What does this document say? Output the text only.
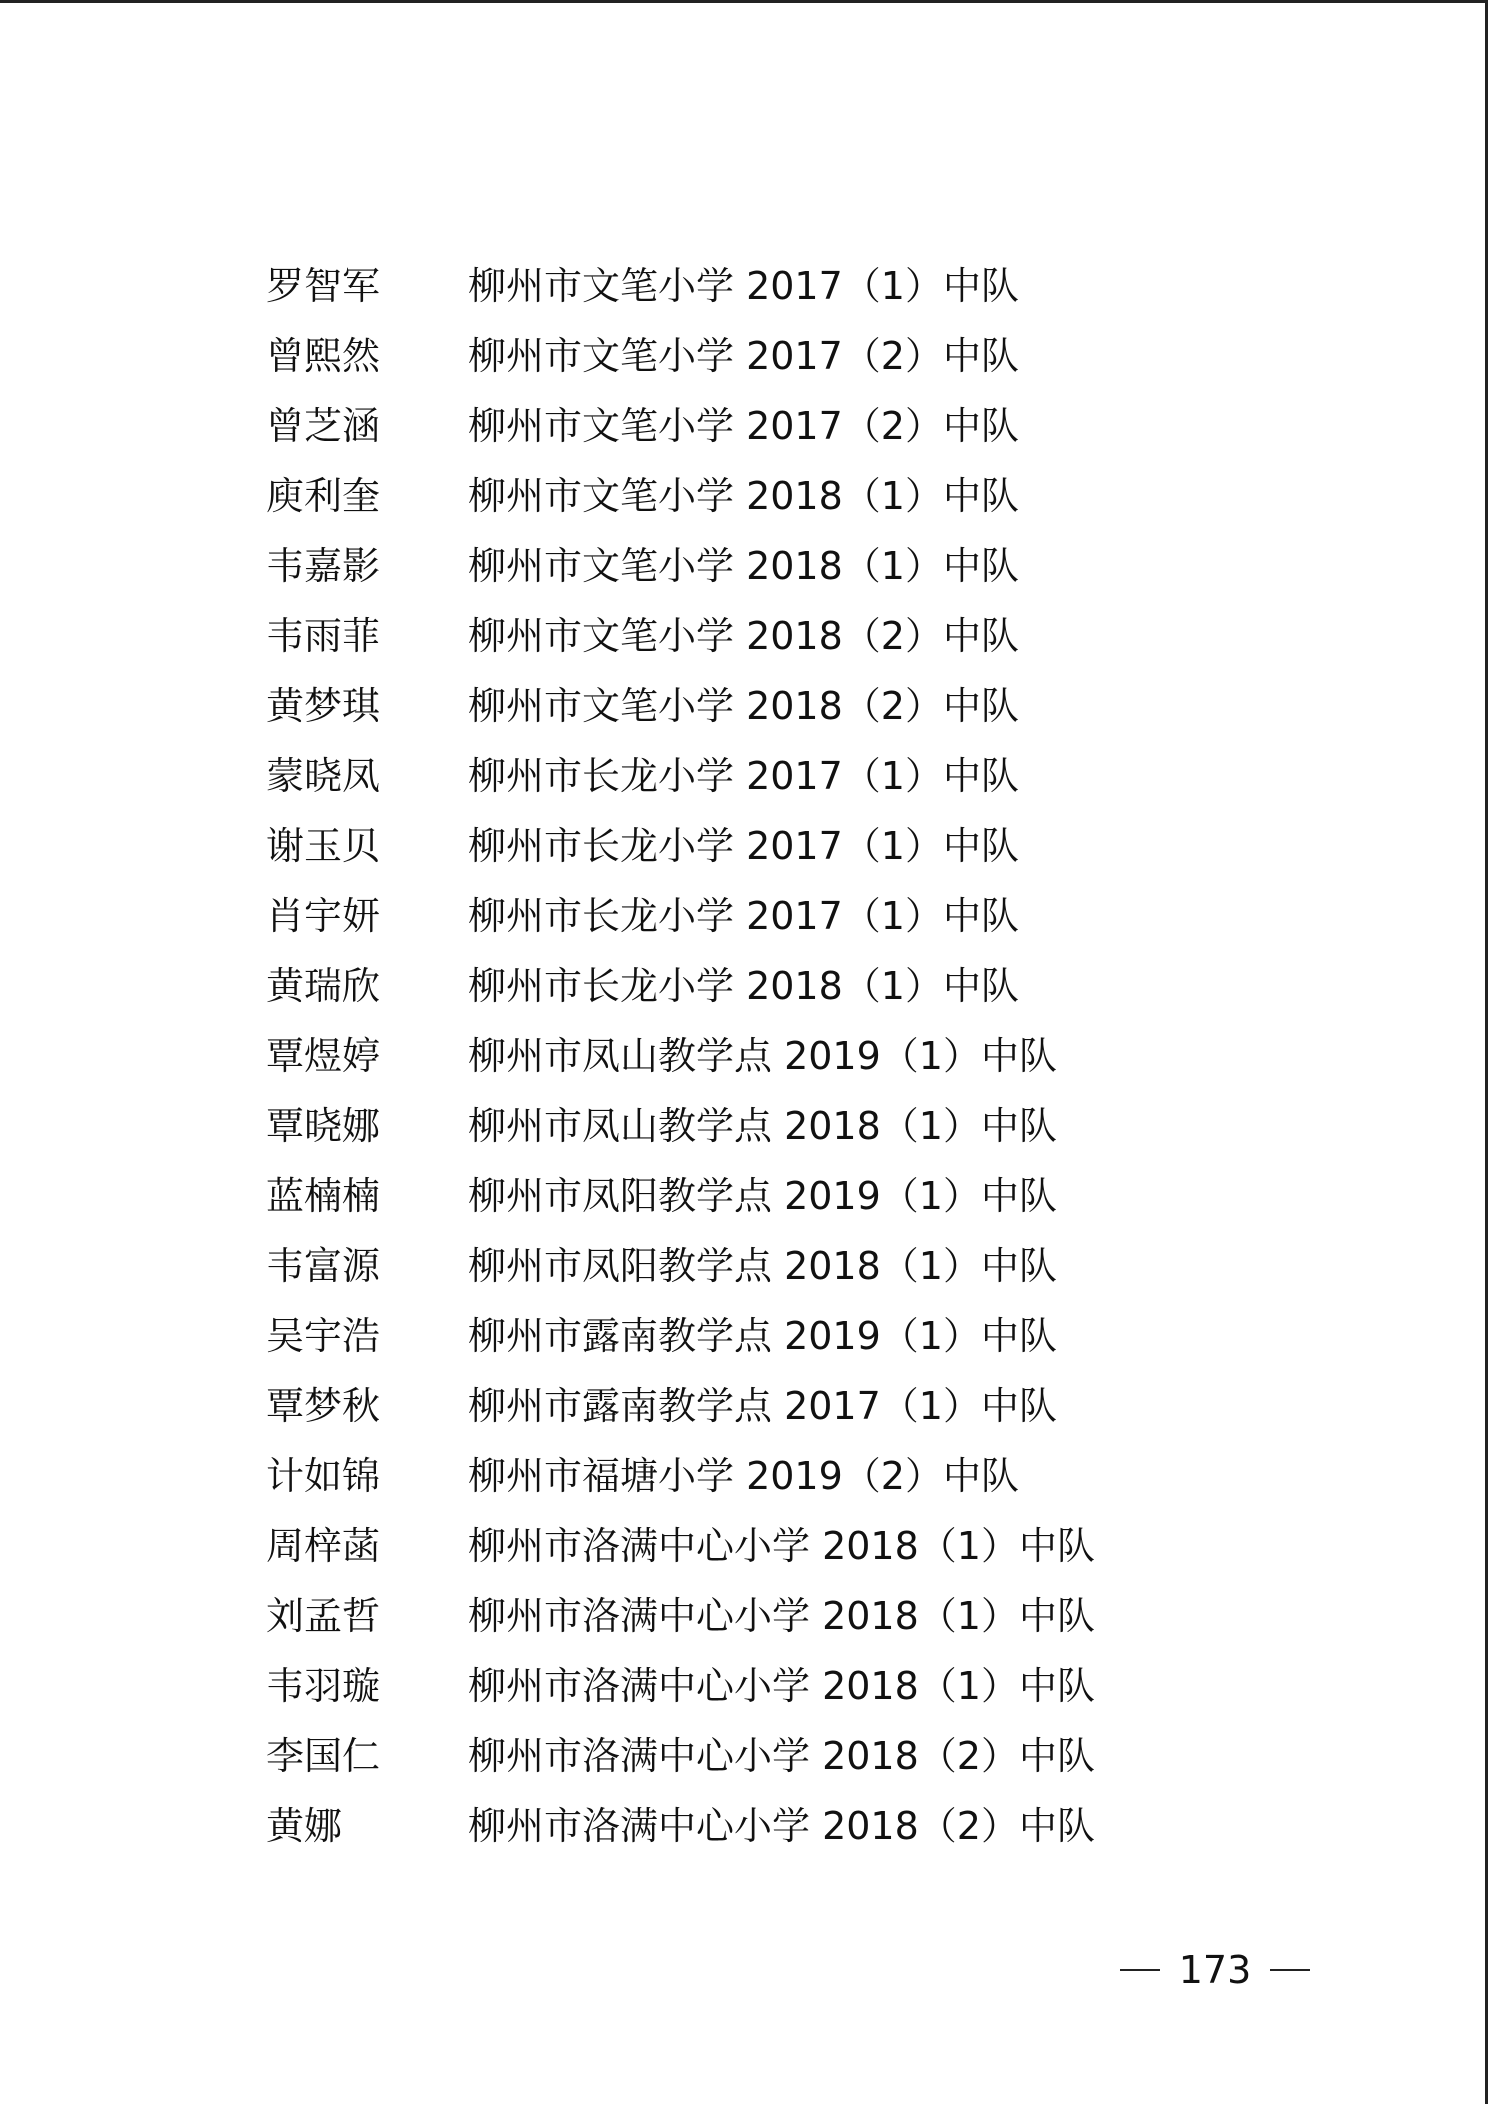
罗智军	柳州市文笔小学 2017（1）中队
曾熙然	柳州市文笔小学 2017（2）中队
曾芝涵	柳州市文笔小学 2017（2）中队
庾利奎	柳州市文笔小学 2018（1）中队
韦嘉影	柳州市文笔小学 2018（1）中队
韦雨菲	柳州市文笔小学 2018（2）中队
黄梦琪	柳州市文笔小学 2018（2）中队
蒙晓凤	柳州市长龙小学 2017（1）中队
谢玉贝	柳州市长龙小学 2017（1）中队
肖宇妍	柳州市长龙小学 2017（1）中队
黄瑞欣	柳州市长龙小学 2018（1）中队
覃煜婷	柳州市凤山教学点 2019（1）中队
覃晓娜	柳州市凤山教学点 2018（1）中队
蓝楠楠	柳州市凤阳教学点 2019（1）中队
韦富源	柳州市凤阳教学点 2018（1）中队
吴宇浩	柳州市露南教学点 2019（1）中队
覃梦秋	柳州市露南教学点 2017（1）中队
计如锦	柳州市福塘小学 2019（2）中队
周梓菡	柳州市洛满中心小学 2018（1）中队
刘孟哲	柳州市洛满中心小学 2018（1）中队
韦羽璇	柳州市洛满中心小学 2018（1）中队
李国仁	柳州市洛满中心小学 2018（2）中队
黄娜	柳州市洛满中心小学 2018（2）中队
173
